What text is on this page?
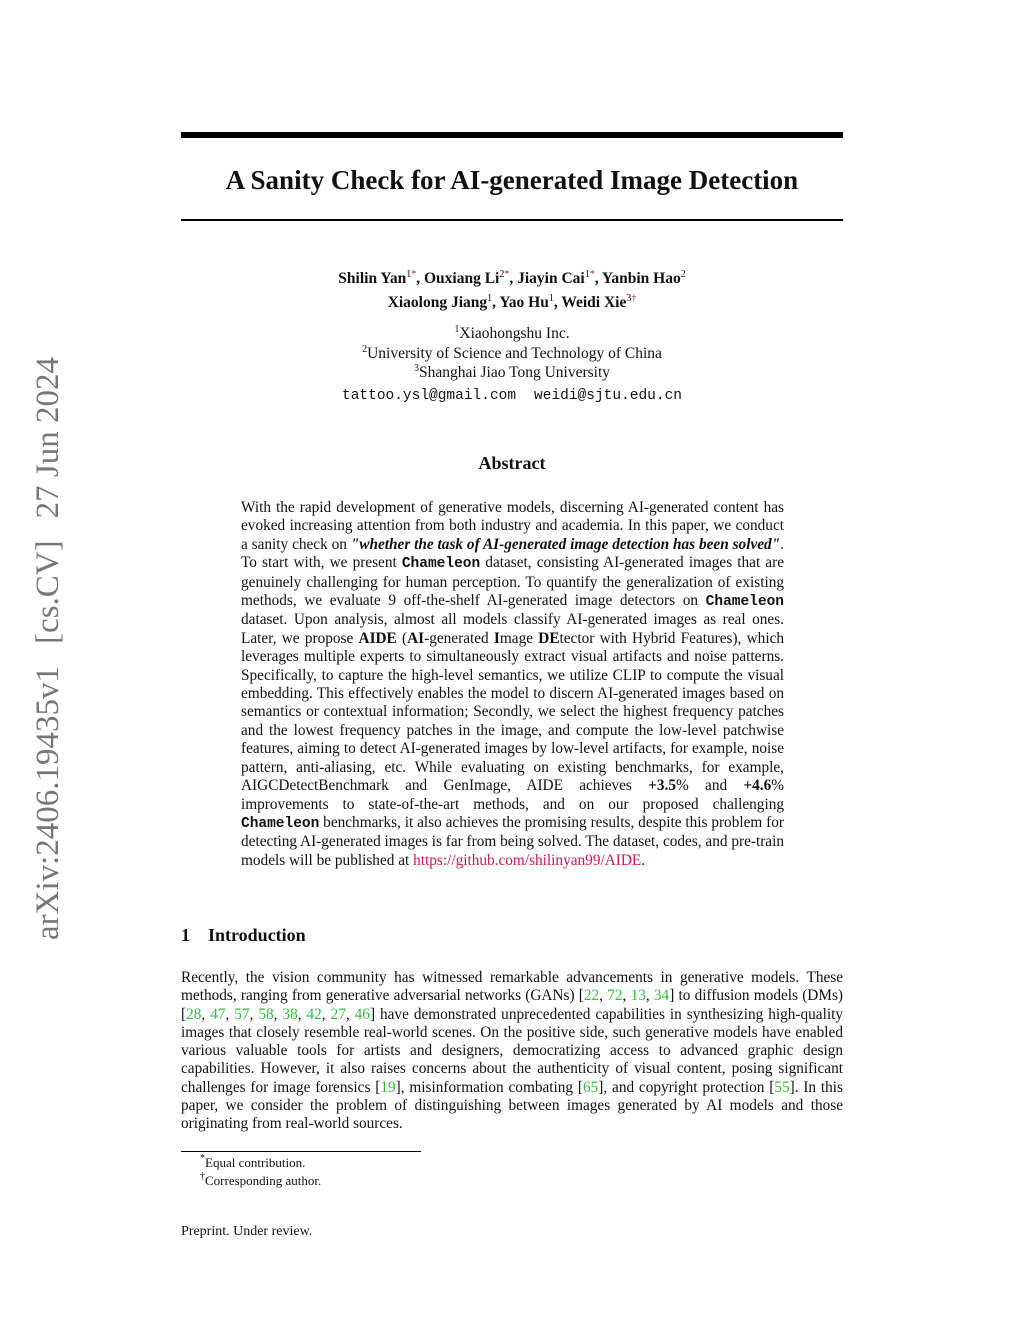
arXiv:2406.19435v1[cs.CV]27 Jun 2024
A Sanity Check for AI-generated Image Detection
Shilin Yan$^{1*}$, Ouxiang $Li^{2*}$, Jiayin Cai$^{1*}$, Yanbin Hao$^2$
Xiaolong Jiang$^1$, Yao Hu$^1$, Weidi Xie$^{3\dagger}$
$^1$Xiaohongshu Inc.
$^2$University of Science and Technology of China
$^3$Shanghai Jiao Tong University
tattoo.ysl@gmail.com weidi@sjtu.edu.cn
Abstract

With the rapid development of generative models, discerning AI-generated content has evoked increasing attention from both industry and academia. In this paper, we conduct a sanity check on "whether the task of AI-generated image detection has been solved". To start with, we present Chameleon dataset, consisting AI-generated images that are genuinely challenging for human perception. To quantify the generalization of existing methods, we evaluate 9 off-the-shelf AI-generated image detectors on Chameleon dataset. Upon analysis, almost all models classify AI-generated images as real ones. Later, we propose AIDE (AI-generated Image DEtector with Hybrid Features), which leverages multiple experts to simultaneously extract visual artifacts and noise patterns. Specifically, to capture the high-level semantics, we utilize CLIP to compute the visual embedding. This effectively enables the model to discern AI-generated images based on semantics or contextual information; Secondly, we select the highest frequency patches and the lowest frequency patches in the image, and compute the low-level patchwise features, aiming to detect AI-generated images by low-level artifacts, for example, noise pattern, anti-aliasing, etc. While evaluating on existing benchmarks, for example, AIGCDetectBenchmark and GenImage, AIDE achieves +3.5% and +4.6% improvements to state-of-the-art methods, and on our proposed challenging Chameleon benchmarks, it also achieves the promising results, despite this problem for detecting AI-generated images is far from being solved. The dataset, codes, and pre-train models will be published at https://github.com/shilinyan99/AIDE.

1 Introduction

Recently, the vision community has witnessed remarkable advancements in generative models. These methods, ranging from generative adversarial networks (GANs) [22, 72, 13, 34] to diffusion models (DMs) [28, 47, 57, 58, 38, 42, 27, 46] have demonstrated unprecedented capabilities in synthesizing high-quality images that closely resemble real-world scenes. On the positive side, such generative models have enabled various valuable tools for artists and designers, democratizing access to advanced graphic design capabilities. However, it also raises concerns about the authenticity of visual content, posing significant challenges for image forensics [19], misinformation combating [65], and copyright protection [55]. In this paper, we consider the problem of distinguishing between images generated by AI models and those originating from real-world sources.

*Equal contribution.
†Corresponding author.
Preprint. Under review.
